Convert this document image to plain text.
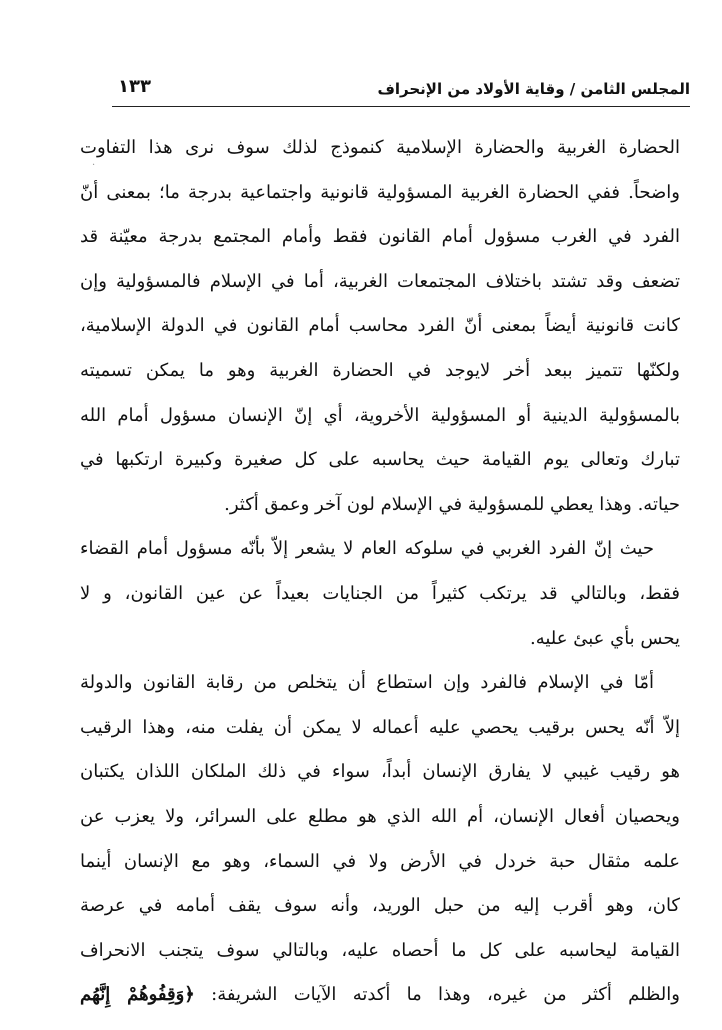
المجلس الثامن / وقاية الأولاد من الإنحراف
١٣٣
الحضارة الغربية والحضارة الإسلامية كنموذج لذلك سوف نرى هذا التفاوت
واضحاً. ففي الحضارة الغربية المسؤولية قانونية واجتماعية بدرجة ما؛ بمعنى أنّ
الفرد في الغرب مسؤول أمام القانون فقط وأمام المجتمع بدرجة معيّنة قد
تضعف وقد تشتد باختلاف المجتمعات الغربية، أما في الإسلام فالمسؤولية وإن
كانت قانونية أيضاً بمعنى أنّ الفرد محاسب أمام القانون في الدولة الإسلامية،
ولكنّها تتميز ببعد أخر لايوجد في الحضارة الغربية وهو ما يمكن تسميته
بالمسؤولية الدينية أو المسؤولية الأخروية، أي إنّ الإنسان مسؤول أمام الله
تبارك وتعالى يوم القيامة حيث يحاسبه على كل صغيرة وكبيرة ارتكبها في
حياته. وهذا يعطي للمسؤولية في الإسلام لون آخر وعمق أكثر.
حيث إنّ الفرد الغربي في سلوكه العام لا يشعر إلاّ بأنّه مسؤول أمام القضاء
فقط، وبالتالي قد يرتكب كثيراً من الجنايات بعيداً عن عين القانون، و لا
يحس بأي عبئ عليه.
أمّا في الإسلام فالفرد وإن استطاع أن يتخلص من رقابة القانون والدولة
إلاّ أنّه يحس برقيب يحصي عليه أعماله لا يمكن أن يفلت منه، وهذا الرقيب
هو رقيب غيبي لا يفارق الإنسان أبداً، سواء في ذلك الملكان اللذان يكتبان
ويحصيان أفعال الإنسان، أم الله الذي هو مطلع على السرائر، ولا يعزب عن
علمه مثقال حبة خردل في الأرض ولا في السماء، وهو مع الإنسان أينما
كان، وهو أقرب إليه من حبل الوريد، وأنه سوف يقف أمامه في عرصة
القيامة ليحاسبه على كل ما أحصاه عليه، وبالتالي سوف يتجنب الانحراف
والظلم أكثر من غيره، وهذا ما أكدته الآيات الشريفة: ﴿وَقِفُوهُمْ إِنَّهُم
·
